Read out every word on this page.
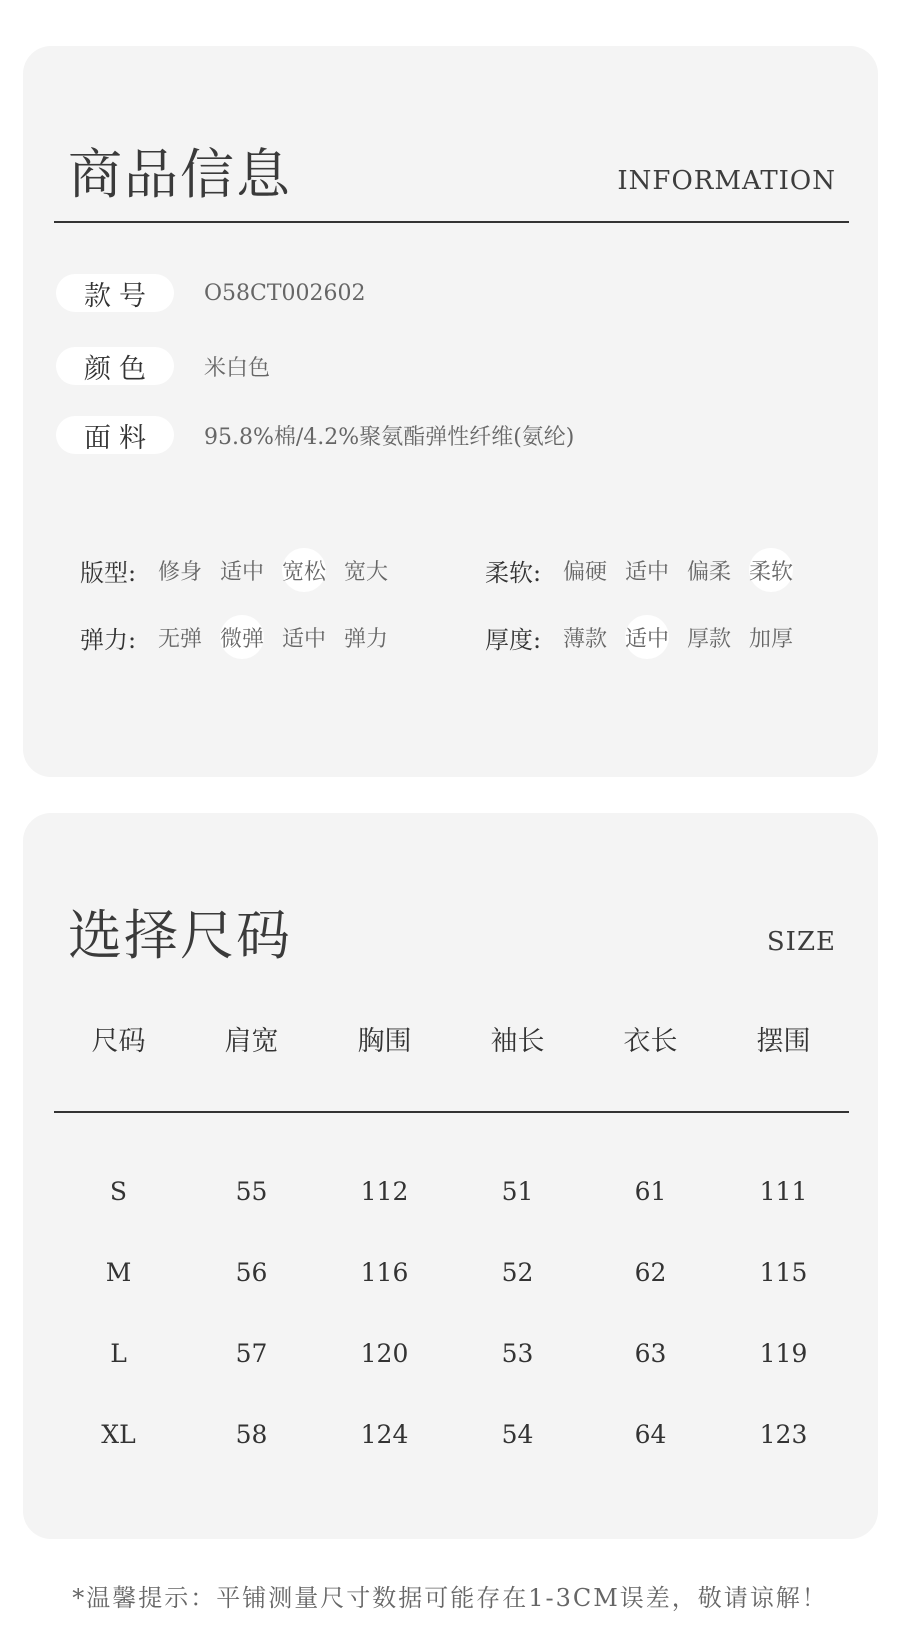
商品信息	INFORMATION
款号	O58CT002602
颜色	米白色
面料	95.8%棉/4.2%聚氨酯弹性纤维(氨纶)
版型: 修身 适中 宽松 宽大	柔软: 偏硬 适中 偏柔 柔软
弹力: 无弹 微弹 适中 弹力	厚度: 薄款 适中 厚款 加厚
选择尺码	SIZE
尺码	肩宽	胸围	袖长	衣长	摆围
S	55	112	51	61	111
M	56	116	52	62	115
L	57	120	53	63	119
XL	58	124	54	64	123
*温馨提示：平铺测量尺寸数据可能存在1-3CM误差，敬请谅解！
